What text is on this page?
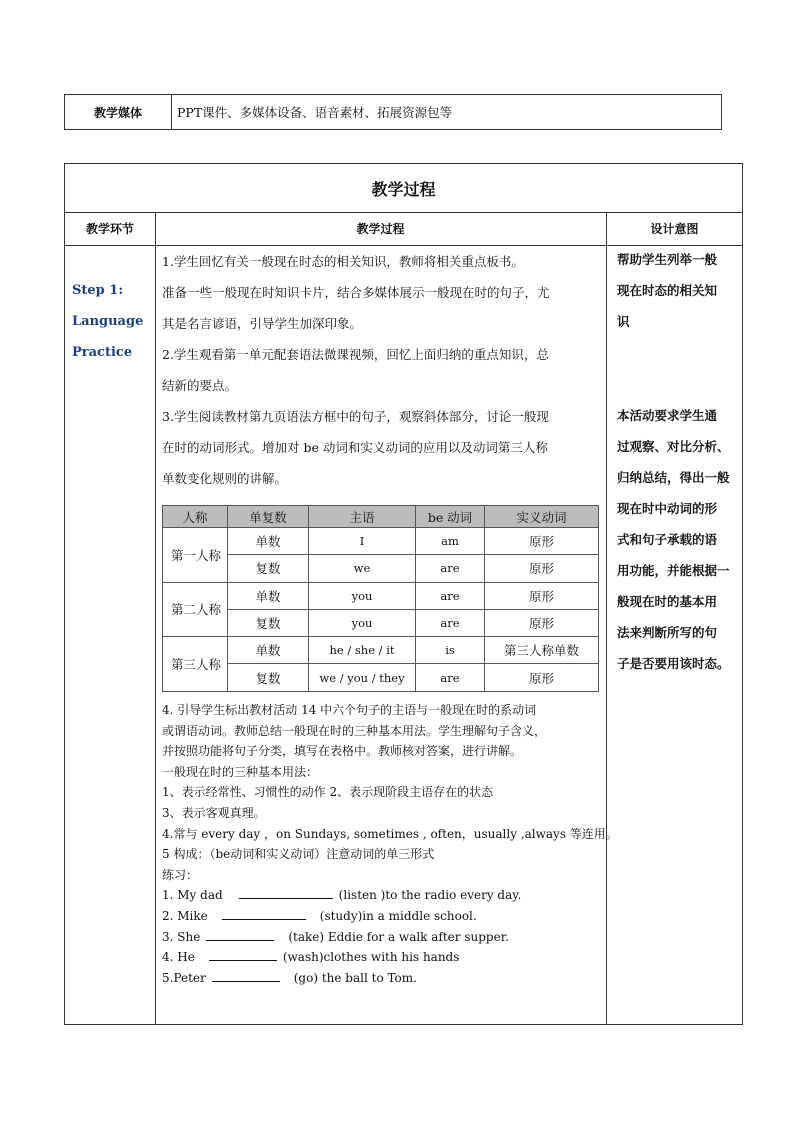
教学媒体	PPT课件、多媒体设备、语音素材、拓展资源包等
教学过程
教学环节	教学过程	设计意图
Step 1:
Language
Practice
1.学生回忆有关一般现在时态的相关知识，教师将相关重点板书。
准备一些一般现在时知识卡片，结合多媒体展示一般现在时的句子，尤
其是名言谚语，引导学生加深印象。
2.学生观看第一单元配套语法微课视频，回忆上面归纳的重点知识，总
结新的要点。
3.学生阅读教材第九页语法方框中的句子，观察斜体部分，讨论一般现
在时的动词形式。增加对 be 动词和实义动词的应用以及动词第三人称
单数变化规则的讲解。
人称	单复数	主语	be 动词	实义动词
第一人称	单数	I	am	原形
	复数	we	are	原形
第二人称	单数	you	are	原形
	复数	you	are	原形
第三人称	单数	he / she / it	is	第三人称单数
	复数	we / you / they	are	原形
4. 引导学生标出教材活动 14 中六个句子的主语与一般现在时的系动词
或谓语动词。教师总结一般现在时的三种基本用法。学生理解句子含义，
并按照功能将句子分类，填写在表格中。教师核对答案，进行讲解。
一般现在时的三种基本用法：
1、表示经常性、习惯性的动作 2、表示现阶段主语存在的状态
3、表示客观真理。
4.常与 every day ，on Sundays, sometimes , often，usually ,always 等连用。
5 构成：（be动词和实义动词）注意动词的单三形式
练习：
1. My dad	(listen )to the radio every day.
2. Mike	(study)in a middle school.
3. She	(take) Eddie for a walk after supper.
4. He	(wash)clothes with his hands
5.Peter	(go) the ball to Tom.
帮助学生列举一般
现在时态的相关知
识
本活动要求学生通
过观察、对比分析、
归纳总结，得出一般
现在时中动词的形
式和句子承载的语
用功能，并能根据一
般现在时的基本用
法来判断所写的句
子是否要用该时态。
